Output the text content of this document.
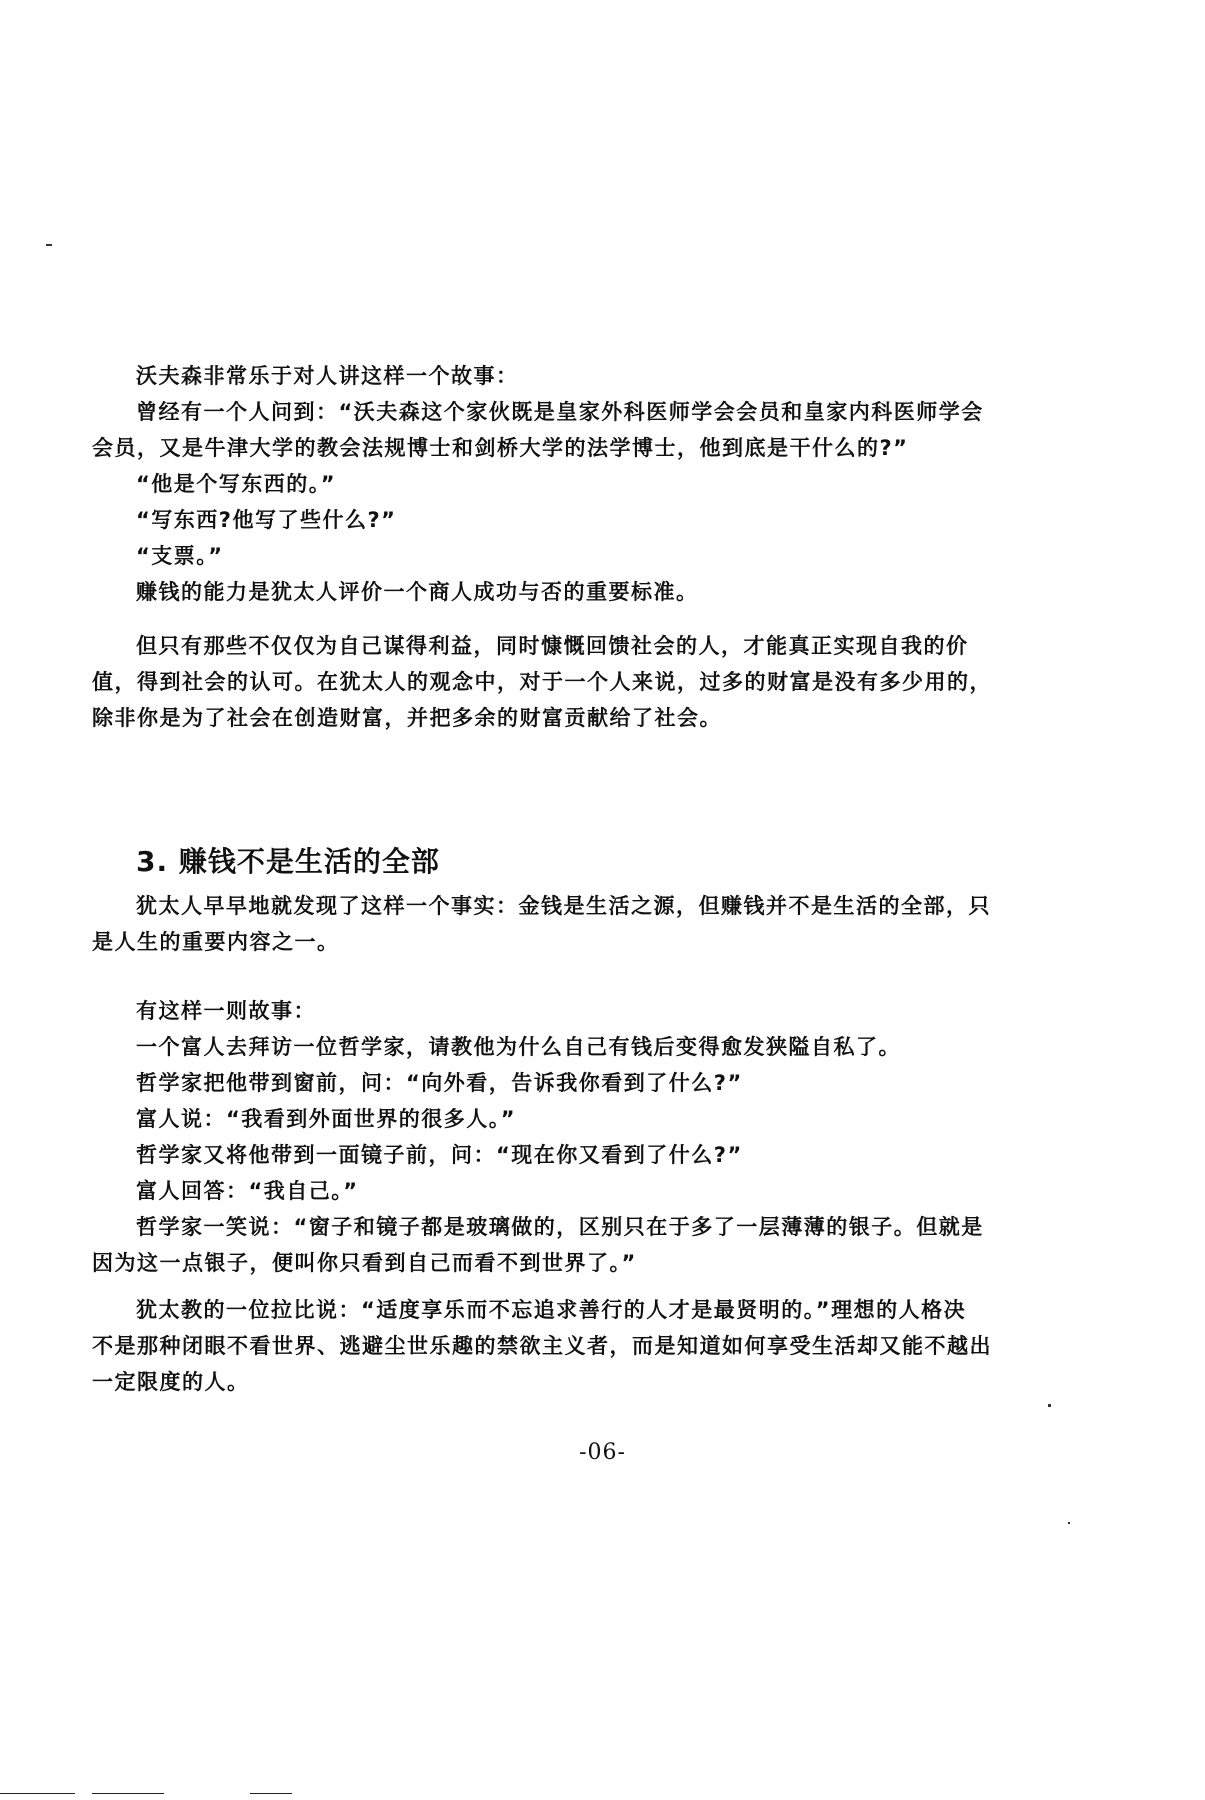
沃夫森非常乐于对人讲这样一个故事：
曾经有一个人问到：“沃夫森这个家伙既是皇家外科医师学会会员和皇家内科医师学会
会员，又是牛津大学的教会法规博士和剑桥大学的法学博士，他到底是干什么的?”
“他是个写东西的。”
“写东西?他写了些什么?”
“支票。”
赚钱的能力是犹太人评价一个商人成功与否的重要标准。
但只有那些不仅仅为自己谋得利益，同时慷慨回馈社会的人，才能真正实现自我的价
值，得到社会的认可。在犹太人的观念中，对于一个人来说，过多的财富是没有多少用的，
除非你是为了社会在创造财富，并把多余的财富贡献给了社会。
3. 赚钱不是生活的全部
犹太人早早地就发现了这样一个事实：金钱是生活之源，但赚钱并不是生活的全部，只
是人生的重要内容之一。
有这样一则故事：
一个富人去拜访一位哲学家，请教他为什么自己有钱后变得愈发狭隘自私了。
哲学家把他带到窗前，问：“向外看，告诉我你看到了什么?”
富人说：“我看到外面世界的很多人。”
哲学家又将他带到一面镜子前，问：“现在你又看到了什么?”
富人回答：“我自己。”
哲学家一笑说：“窗子和镜子都是玻璃做的，区别只在于多了一层薄薄的银子。但就是
因为这一点银子，便叫你只看到自己而看不到世界了。”
犹太教的一位拉比说：“适度享乐而不忘追求善行的人才是最贤明的。”理想的人格决
不是那种闭眼不看世界、逃避尘世乐趣的禁欲主义者，而是知道如何享受生活却又能不越出
一定限度的人。
-06-
